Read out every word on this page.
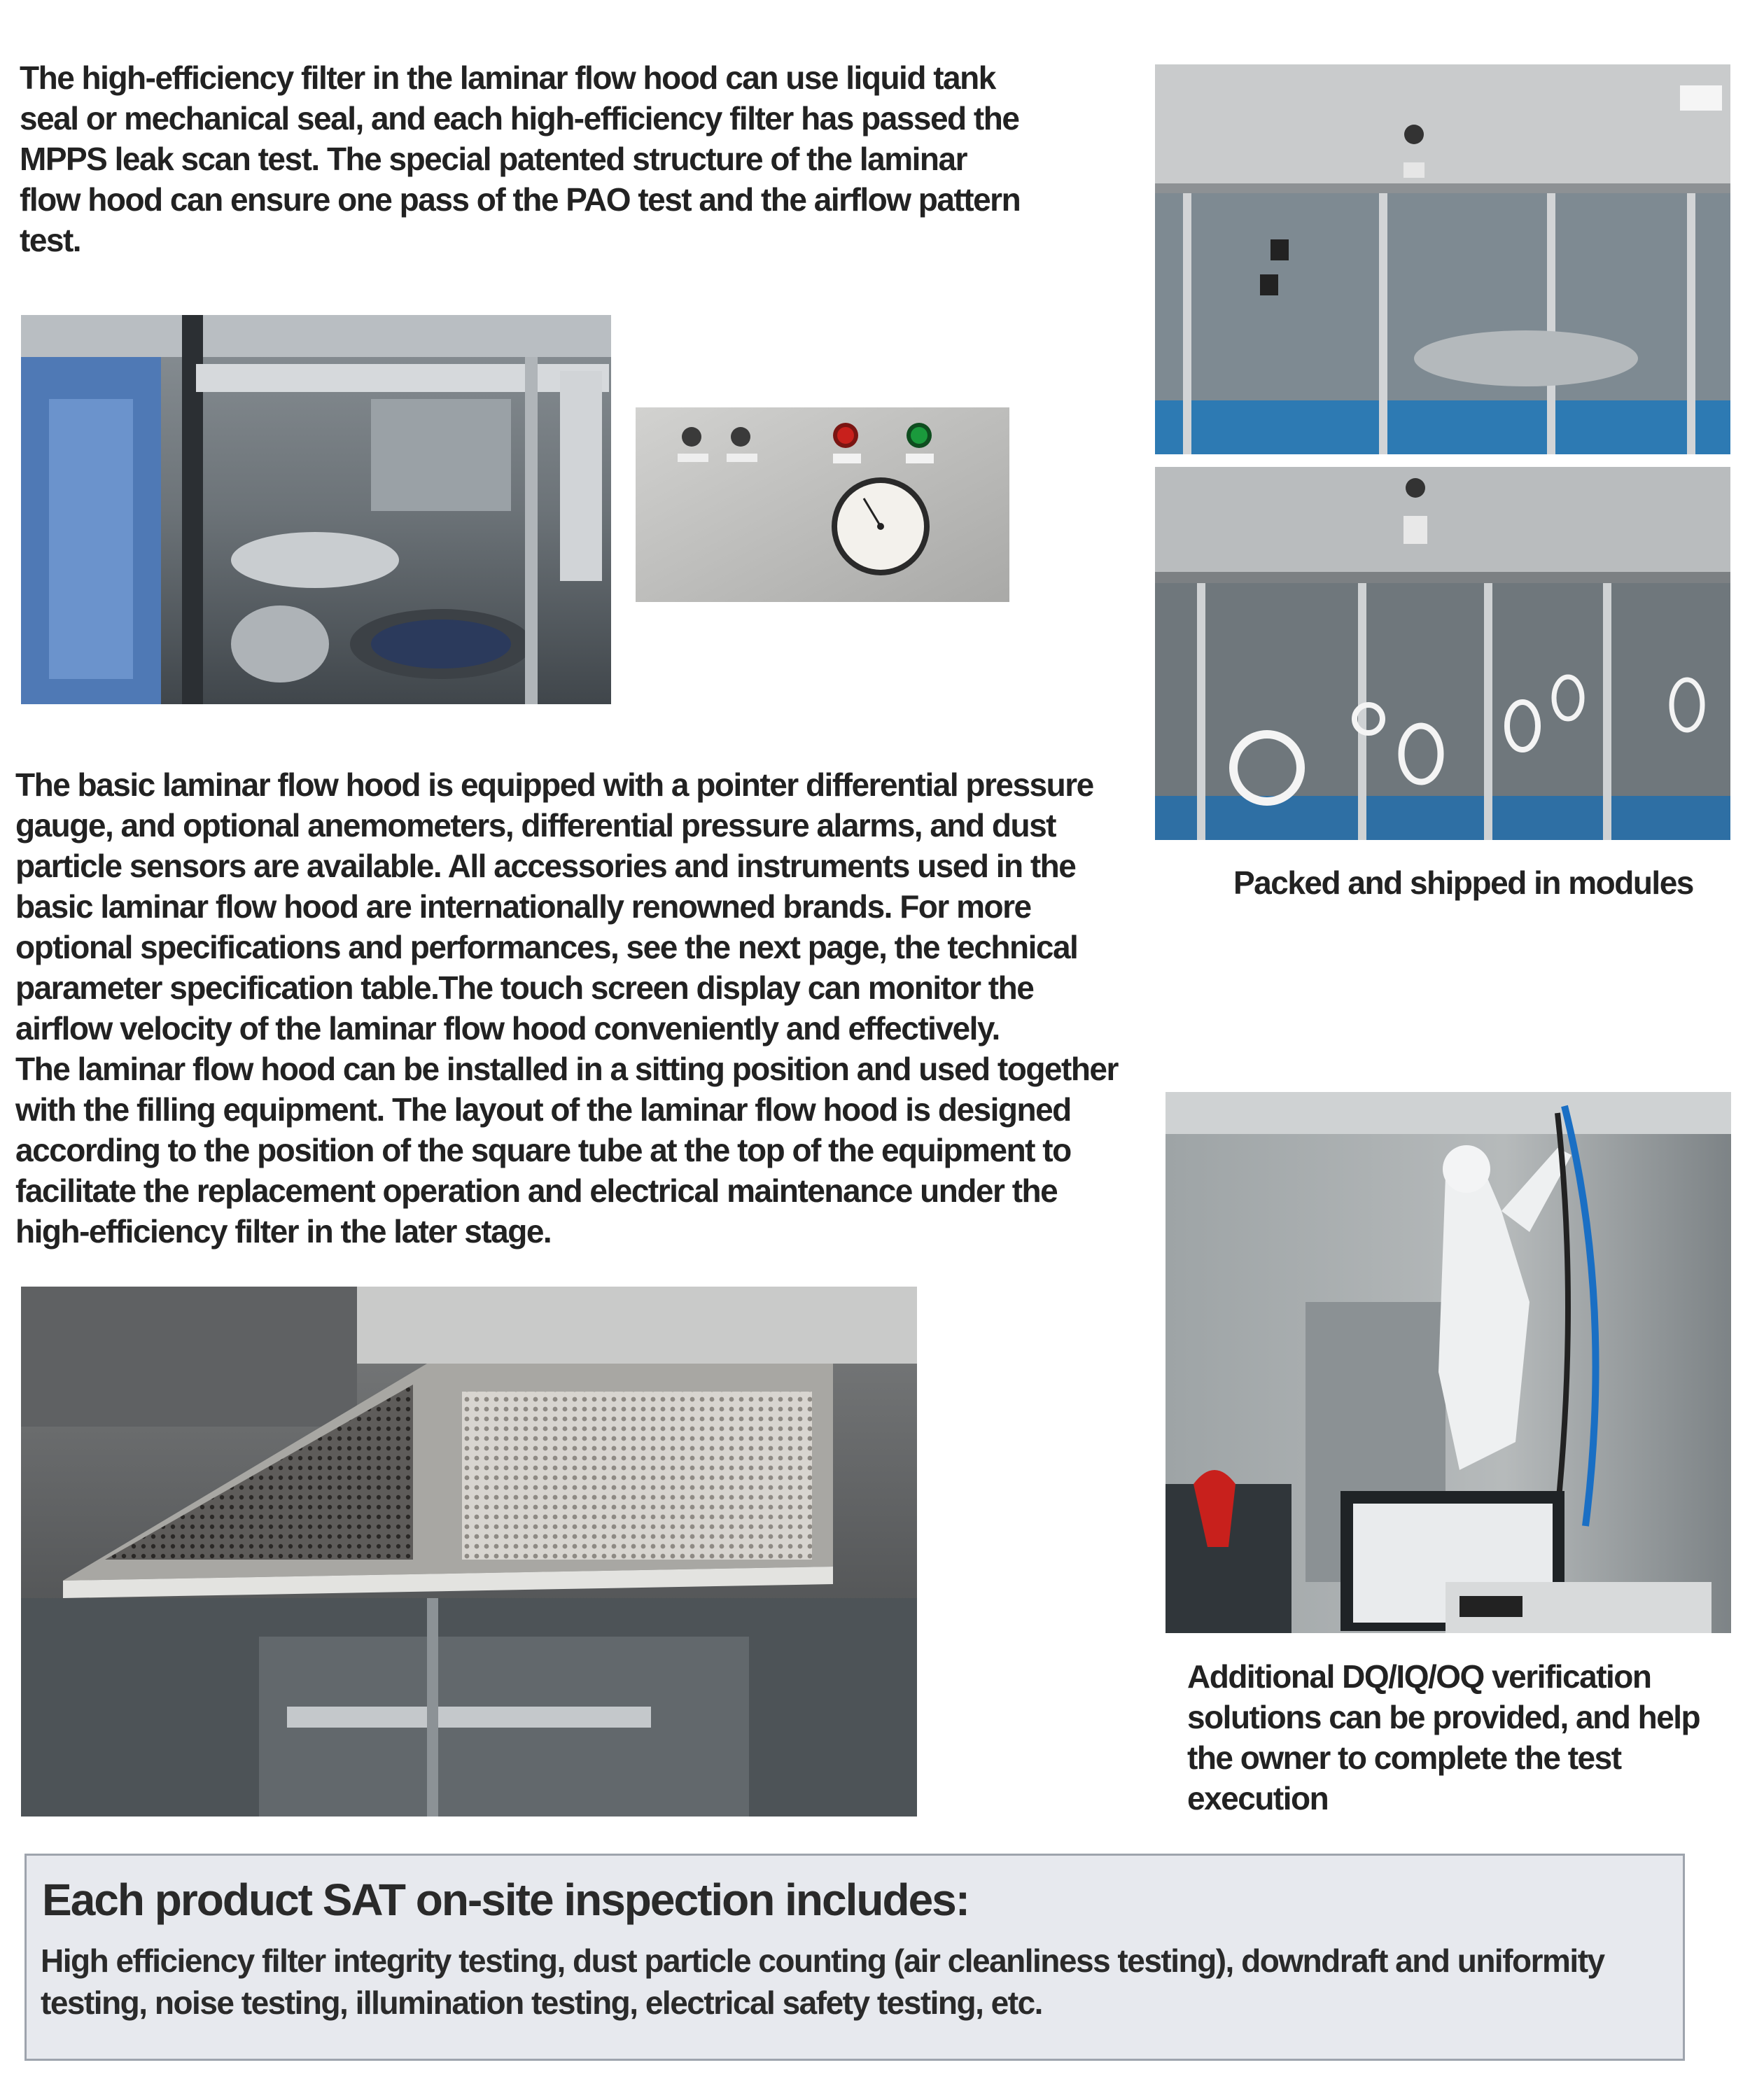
The high-efficiency filter in the laminar flow hood can use liquid tank seal or mechanical seal, and each high-efficiency filter has passed the MPPS leak scan test. The special patented structure of the laminar flow hood can ensure one pass of the PAO test and the airflow pattern test.

Packed and shipped in modules

The basic laminar flow hood is equipped with a pointer differential pressure gauge, and optional anemometers, differential pressure alarms, and dust particle sensors are available. All accessories and instruments used in the basic laminar flow hood are internationally renowned brands. For more optional specifications and performances, see the next page, the technical parameter specification table.The touch screen display can monitor the airflow velocity of the laminar flow hood conveniently and effectively.

The laminar flow hood can be installed in a sitting position and used together with the filling equipment. The layout of the laminar flow hood is designed according to the position of the square tube at the top of the equipment to facilitate the replacement operation and electrical maintenance under the high-efficiency filter in the later stage.

Additional DQ/IQ/OQ verification solutions can be provided, and help the owner to complete the test execution
Each product SAT on-site inspection includes:

High efficiency filter integrity testing, dust particle counting (air cleanliness testing), downdraft and uniformity testing, noise testing, illumination testing, electrical safety testing, etc.
